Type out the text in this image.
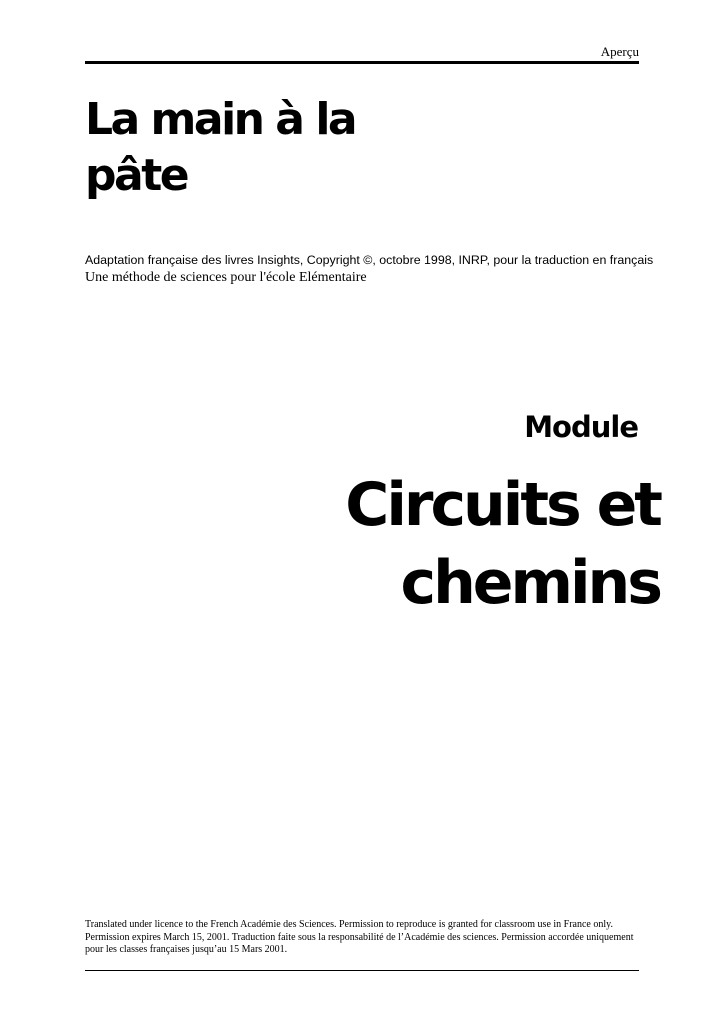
Aperçu
La main à la
pâte
Adaptation française des livres Insights, Copyright ©, octobre 1998, INRP, pour la traduction en français
Une méthode de sciences pour l'école Elémentaire
Module
Circuits et
chemins
Translated under licence to the French Académie des Sciences. Permission to reproduce is granted for classroom use in France only.
Permission expires March 15, 2001. Traduction faite sous la responsabilité de l’Académie des sciences. Permission accordée uniquement
pour les classes françaises jusqu’au 15 Mars 2001.
